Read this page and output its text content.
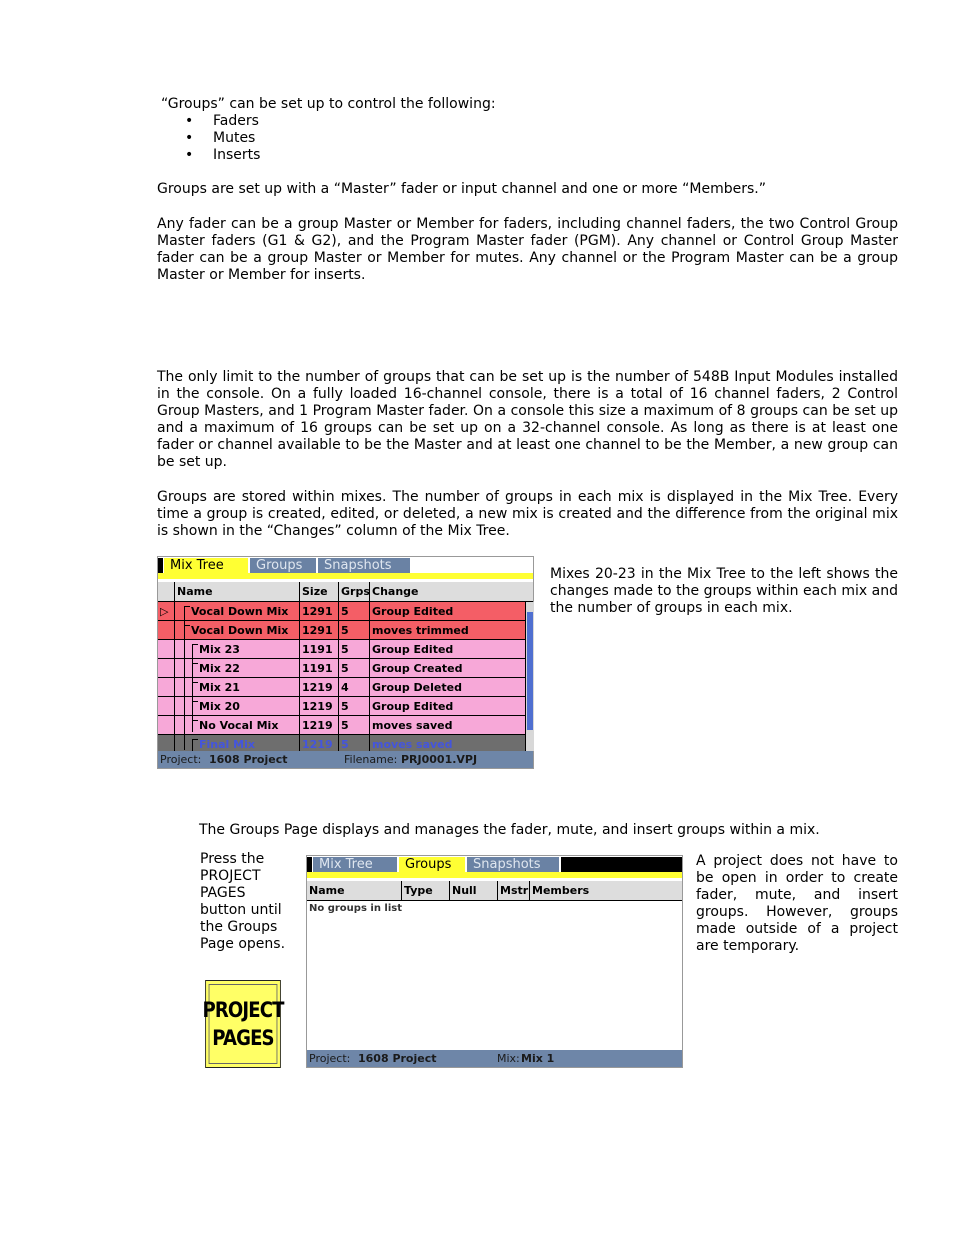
“Groups” can be set up to control the following:
• Faders
• Mutes
• Inserts

Groups are set up with a “Master” fader or input channel and one or more “Members.”

Any fader can be a group Master or Member for faders, including channel faders, the two Control Group Master faders (G1 & G2), and the Program Master fader (PGM). Any channel or Control Group Master fader can be a group Master or Member for mutes. Any channel or the Program Master can be a group Master or Member for inserts.

The only limit to the number of groups that can be set up is the number of 548B Input Modules installed in the console. On a fully loaded 16-channel console, there is a total of 16 channel faders, 2 Control Group Masters, and 1 Program Master fader. On a console this size a maximum of 8 groups can be set up and a maximum of 16 groups can be set up on a 32-channel console. As long as there is at least one fader or channel available to be the Master and at least one channel to be the Member, a new group can be set up.

Groups are stored within mixes. The number of groups in each mix is displayed in the Mix Tree. Every time a group is created, edited, or deleted, a new mix is created and the difference from the original mix is shown in the “Changes” column of the Mix Tree.

Mix Tree	Groups	Snapshots
Name	Size	Grps Change
▷	Vocal Down Mix	1291 5	Group Edited
Vocal Down Mix	1291 5	moves trimmed
Mix 23	1191 5	Group Edited
Mix 22	1191 5	Group Created
Mix 21	1219 4	Group Deleted
Mix 20	1219 5	Group Edited
No Vocal Mix	1219 5	moves saved
Final Mix	1219 5	moves saved
Project: 1608 Project	Filename: PRJ0001.VPJ

Mixes 20-23 in the Mix Tree to the left shows the changes made to the groups within each mix and the number of groups in each mix.

The Groups Page displays and manages the fader, mute, and insert groups within a mix.

Press the PROJECT PAGES button until the Groups Page opens.

PROJECT
PAGES
Mix Tree	Groups	Snapshots
Name	Type	Null	Mstr Members
No groups in list
Project: 1608 Project	Mix: Mix 1

A project does not have to be open in order to create fader, mute, and insert groups. However, groups made outside of a project are temporary.
